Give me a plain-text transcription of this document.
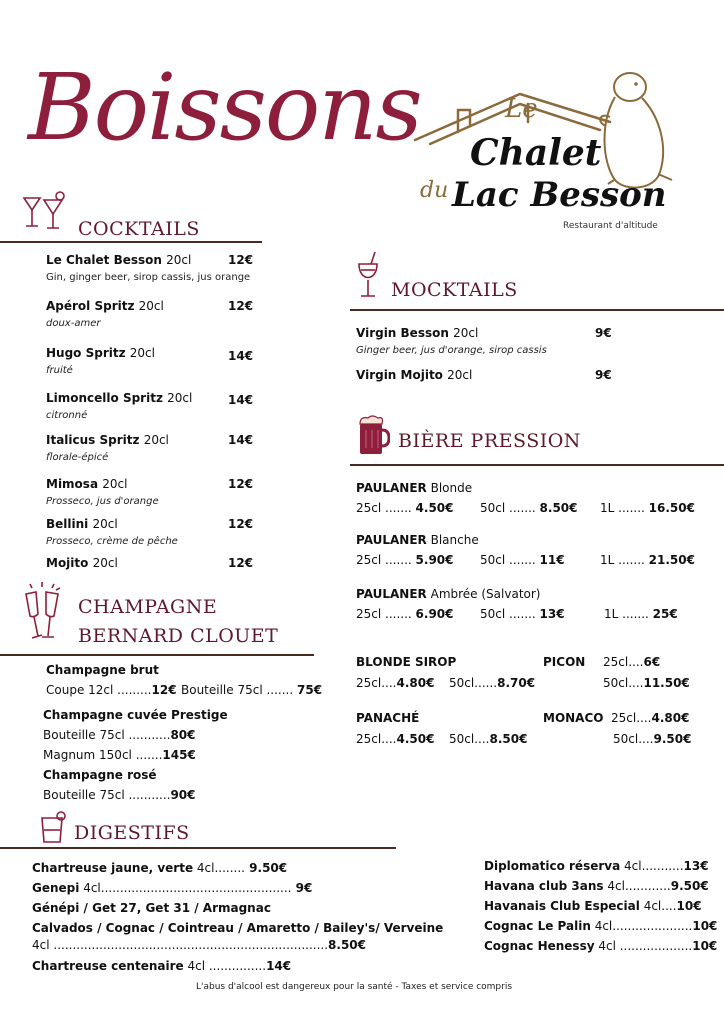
Boissons	Le
Chalet
du Lac Besson
Restaurant d'altitude
COCKTAILS
Le Chalet Besson 20cl	12€
Gin, ginger beer, sirop cassis, jus orange
Apérol Spritz 20cl	12€
doux-amer
Hugo Spritz 20cl	14€
fruité
Limoncello Spritz 20cl	14€
citronné
Italicus Spritz 20cl	14€
florale-épicé
Mimosa 20cl	12€
Prosseco, jus d'orange
Bellini 20cl	12€
Prosseco, crème de pêche
Mojito 20cl	12€
MOCKTAILS
Virgin Besson 20cl	9€
Ginger beer, jus d'orange, sirop cassis
Virgin Mojito 20cl	9€
BIÈRE PRESSION
PAULANER Blonde
25cl ....... 4.50€ 50cl ....... 8.50€ 1L ....... 16.50€
PAULANER Blanche
25cl ....... 5.90€ 50cl ....... 11€	1L ....... 21.50€
PAULANER Ambrée (Salvator)
25cl ....... 6.90€ 50cl ....... 13€	1L ....... 25€
BLONDE SIROP
25cl....4.80€ 50cl......8.70€
PICON 25cl....6€
50cl....11.50€
PANACHÉ
25cl....4.50€ 50cl....8.50€
MONACO 25cl....4.80€
50cl....9.50€
CHAMPAGNE
BERNARD CLOUET
Champagne brut
Coupe 12cl .........12€ Bouteille 75cl ....... 75€
Champagne cuvée Prestige
Bouteille 75cl ...........80€
Magnum 150cl .......145€
Champagne rosé
Bouteille 75cl ...........90€
DIGESTIFS
Chartreuse jaune, verte 4cl........ 9.50€
Genepi 4cl.................................................. 9€
Génépi / Get 27, Get 31 / Armagnac
Calvados / Cognac / Cointreau / Amaretto / Bailey's/ Verveine
4cl ........................................................................8.50€
Chartreuse centenaire 4cl ...............14€
Diplomatico réserva 4cl...........13€
Havana club 3ans 4cl............9.50€
Havanais Club Especial 4cl....10€
Cognac Le Palin 4cl.....................10€
Cognac Henessy 4cl ...................10€
L'abus d'alcool est dangereux pour la santé - Taxes et service compris
